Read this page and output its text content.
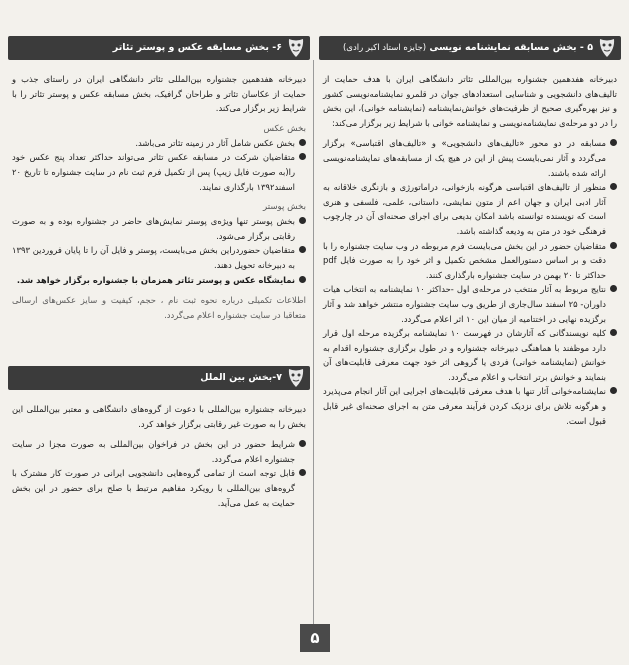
۵ - بخش مسابقه نمایشنامه نویسی (جایزه استاد اکبر رادی)

دبیرخانه هفدهمین جشنواره بین‌المللی تئاتر دانشگاهی ایران با هدف حمایت از تالیف‌های دانشجویی و شناسایی استعدادهای جوان در قلمرو نمایشنامه‌نویسی کشور و نیز بهره‌گیری صحیح از ظرفیت‌های خوانش‌نمایشنامه (نمایشنامه خوانی)، این بخش را در دو مرحله‌ی نمایشنامه‌نویسی و نمایشنامه خوانی با شرایط زیر برگزار می‌کند:

مسابقه در دو محور «تالیف‌های دانشجویی» و «تالیف‌های اقتباسی» برگزار می‌گردد و آثار نمی‌بایست پیش از این در هیچ یک از مسابقه‌های نمایشنامه‌نویسی ارائه شده باشند.
منظور از تالیف‌های اقتباسی هرگونه بازخوانی، دراماتورژی و بازنگری خلاقانه به آثار ادبی ایران و جهان اعم از متون نمایشی، داستانی، علمی، فلسفی و هنری است که نویسنده توانسته باشد امکان بدیعی برای اجرای صحنه‌ای آن در چارچوب فرهنگی خود در متن به ودیعه گذاشته باشد.
متقاضیان حضور در این بخش می‌بایست فرم مربوطه در وب سایت جشنواره را با دقت و بر اساس دستورالعمل مشخص تکمیل و اثر خود را به صورت فایل pdf حداکثر تا ۲۰ بهمن در سایت جشنواره بارگذاری کنند.
نتایج مربوط به آثار منتخب در مرحله‌ی اول -حداکثر ۱۰ نمایشنامه به انتخاب هیات داوران- ۲۵ اسفند سال‌جاری از طریق وب سایت جشنواره منتشر خواهد شد و آثار برگزیده نهایی در اختتامیه از میان این ۱۰ اثر اعلام می‌گردد.
کلیه نویسندگانی که آثارشان در فهرست ۱۰ نمایشنامه برگزیده مرحله اول قرار دارد موظفند با هماهنگی دبیرخانه جشنواره و در طول برگزاری جشنواره اقدام به خوانش (نمایشنامه خوانی) فردی یا گروهی اثر خود جهت معرفی قابلیت‌های آن بنمایند و خوانش برتر انتخاب و اعلام می‌گردد.
نمایشنامه‌خوانی آثار تنها با هدف معرفی قابلیت‌های اجرایی این آثار انجام می‌پذیرد و هرگونه تلاش برای نزدیک کردن فرآیند معرفی متن به اجرای صحنه‌ای غیر قابل قبول است.
۶- بخش مسابقه عکس و پوستر تئاتر

دبیرخانه هفدهمین جشنواره بین‌المللی تئاتر دانشگاهی ایران در راستای جذب و حمایت از عکاسان تئاتر و طراحان گرافیک، بخش مسابقه عکس و پوستر تئاتر را با شرایط زیر برگزار می‌کند.

بخش عکس
بخش عکس شامل آثار در زمینه تئاتر می‌باشد.
متقاضیان شرکت در مسابقه عکس تئاتر می‌تواند حداکثر تعداد پنج عکس خود را(به صورت فایل زیپ) پس از تکمیل فرم ثبت نام در سایت جشنواره تا تاریخ ۲۰ اسفند۱۳۹۲ بارگذاری نمایند.
بخش پوستر
بخش پوستر تنها ویژه‌ی پوستر نمایش‌های حاضر در جشنواره بوده و به صورت رقابتی برگزار می‌شود.
متقاضیان حضوردراین بخش می‌بایست، پوستر و فایل آن را تا پایان فروردین ۱۳۹۳ به دبیرخانه تحویل دهند.
نمایشگاه عکس و پوستر تئاتر همزمان با جشنواره برگزار خواهد شد.

اطلاعات تکمیلی درباره نحوه ثبت نام ، حجم، کیفیت و سایز عکس‌های ارسالی متعاقبا در سایت جشنواره اعلام می‌گردد.

۷-بخش بین الملل

دبیرخانه جشنواره بین‌المللی با دعوت از گروه‌های دانشگاهی و معتبر بین‌المللی این بخش را به صورت غیر رقابتی برگزار خواهد کرد.

شرایط حضور در این بخش در فراخوان بین‌المللی به صورت مجزا در سایت جشنواره اعلام می‌گردد.
قابل توجه است از تمامی گروه‌هایی دانشجویی ایرانی در صورت کار مشترک با گروه‌های بین‌المللی با رویکرد مفاهیم مرتبط با صلح برای حضور در این بخش حمایت به عمل می‌آید.
۵
